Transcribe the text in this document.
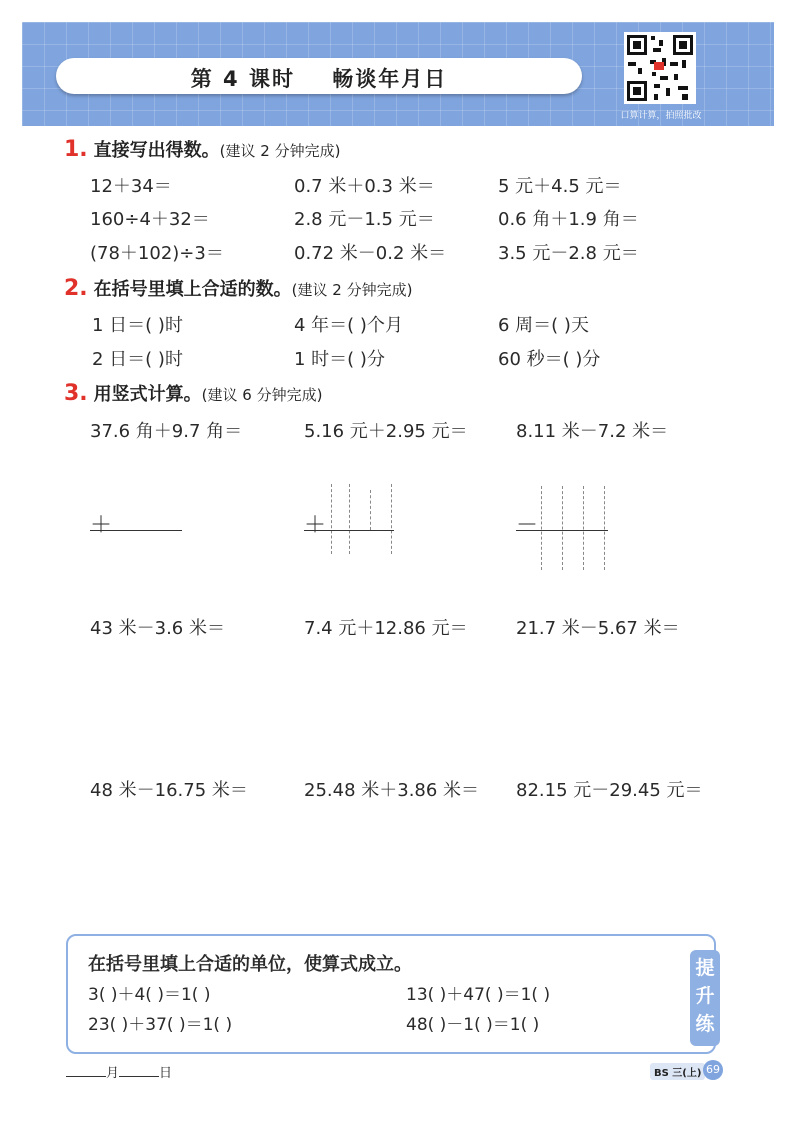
第 4 课时    畅谈年月日
口算计算，拍照批改
1. 直接写出得数。(建议 2 分钟完成)
12＋34＝	0.7 米＋0.3 米＝	5 元＋4.5 元＝
160÷4＋32＝	2.8 元－1.5 元＝	0.6 角＋1.9 角＝
(78＋102)÷3＝	0.72 米－0.2 米＝	3.5 元－2.8 元＝
2. 在括号里填上合适的数。(建议 2 分钟完成)
1 日＝( )时	4 年＝( )个月	6 周＝( )天
2 日＝( )时	1 时＝( )分	60 秒＝( )分
3. 用竖式计算。(建议 6 分钟完成)
37.6 角＋9.7 角＝	5.16 元＋2.95 元＝	8.11 米－7.2 米＝
＋	＋	－
43 米－3.6 米＝	7.4 元＋12.86 元＝	21.7 米－5.67 米＝
48 米－16.75 米＝	25.48 米＋3.86 米＝ 82.15 元－29.45 元＝
在括号里填上合适的单位，使算式成立。
3( )＋4( )＝1( )	13( )＋47( )＝1( )
23( )＋37( )＝1( )	48( )－1( )＝1( )
提升练
月	日	BS 三(上) 69
